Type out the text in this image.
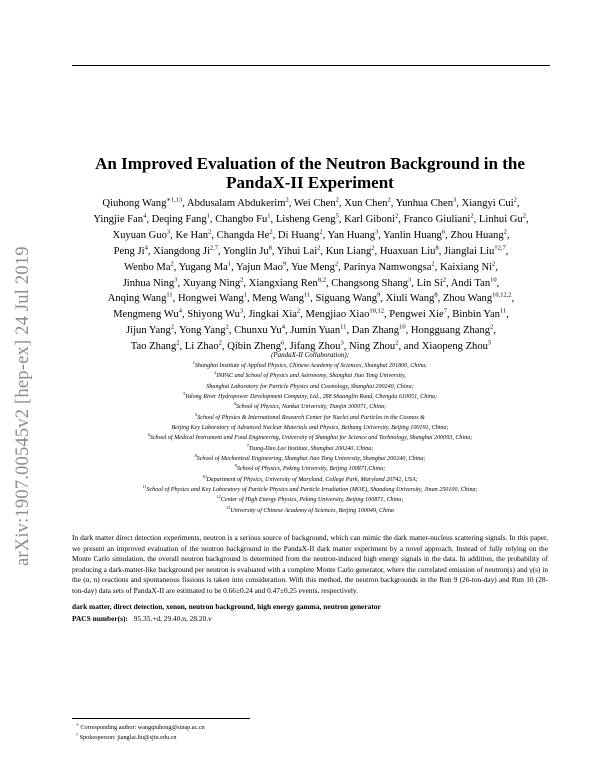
arXiv:1907.00545v2 [hep-ex] 24 Jul 2019
An Improved Evaluation of the Neutron Background in the
PandaX-II Experiment
Qiuhong Wang$^{∗1,13}$, Abdusalam Abdukerim$^2$, Wei Chen$^2$, Xun Chen$^2$, Yunhua Chen$^3$, Xiangyi Cui$^2$,
Yingjie Fan$^4$, Deqing Fang$^1$, Changbo Fu$^1$, Lisheng Geng$^5$, Karl Giboni$^2$, Franco Giuliani$^2$, Linhui Gu$^2$,
Xuyuan Guo$^3$, Ke Han$^2$, Changda He$^2$, Di Huang$^2$, Yan Huang$^3$, Yanlin Huang$^6$, Zhou Huang$^2$,
Peng Ji$^4$, Xiangdong Ji$^{2,7}$, Yonglin Ju$^8$, Yihui Lai$^2$, Kun Liang$^2$, Huaxuan Liu$^8$, Jianglai Liu$^{\dagger 2,7}$,
Wenbo Ma$^2$, Yugang Ma$^1$, Yajun Mao$^9$, Yue Meng$^2$, Parinya Namwongsa$^2$, Kaixiang Ni$^2$,
Jinhua Ning$^3$, Xuyang Ning$^2$, Xiangxiang Ren$^{8,2}$, Changsong Shang$^3$, Lin Si$^2$, Andi Tan$^{10}$,
Anqing Wang$^{11}$, Hongwei Wang$^1$, Meng Wang$^{11}$, Siguang Wang$^9$, Xiuli Wang$^8$, Zhou Wang$^{10,12,2}$,
Mengmeng Wu$^4$, Shiyong Wu$^3$, Jingkai Xia$^2$, Mengjiao Xiao$^{10,12}$, Pengwei Xie$^7$, Binbin Yan$^{11}$,
Jijun Yang$^2$, Yong Yang$^2$, Chunxu Yu$^4$, Jumin Yuan$^{11}$, Dan Zhang$^{10}$, Hongguang Zhang$^2$,
Tao Zhang$^2$, Li Zhao$^2$, Qibin Zheng$^6$, Jifang Zhou$^3$, Ning Zhou$^2$, and Xiaopeng Zhou$^5$
(PandaX-II Collaboration);
$^1$Shanghai Institute of Applied Physics, Chinese Academy of Sciences, Shanghai 201800, China;
$^2$INPAC and School of Physics and Astronomy, Shanghai Jiao Tong University,
Shanghai Laboratory for Particle Physics and Cosmology, Shanghai 200240, China;
$^3$Yalong River Hydropower Development Company, Ltd., 288 Shuanglin Road, Chengdu 610051, China;
$^4$School of Physics, Nankai University, Tianjin 300071, China;
$^5$School of Physics & International Research Center for Nuclei and Particles in the Cosmos &
Beijing Key Laboratory of Advanced Nuclear Materials and Physics, Beihang University, Beijing 100191, China;
$^6$School of Medical Instrument and Food Engineering, University of Shanghai for Science and Technology, Shanghai 200093, China;
$^7$Tsung-Dao Lee Institute, Shanghai 200240, China;
$^8$School of Mechanical Engineering, Shanghai Jiao Tong University, Shanghai 200240, China;
$^9$School of Physics, Peking University, Beijing 100871,China;
$^{10}$Department of Physics, University of Maryland, College Park, Maryland 20742, USA;
$^{11}$School of Physics and Key Laboratory of Particle Physics and Particle Irradiation (MOE), Shandong University, Jinan 250100, China;
$^{12}$Center of High Energy Physics, Peking University, Beijing 100871, China;
$^{13}$University of Chinese Academy of Sciences, Beijing 100049, China
In dark matter direct detection experiments, neutron is a serious source of background, which can mimic the dark matter-nucleus scattering signals. In this paper, we present an improved evaluation of the neutron background in the PandaX-II dark matter experiment by a novel approach. Instead of fully relying on the Monte Carlo simulation, the overall neutron background is determined from the neutron-induced high energy signals in the data. In addition, the probability of producing a dark-matter-like background per neutron is evaluated with a complete Monte Carlo generator, where the correlated emission of neutron(s) and γ(s) in the (α, n) reactions and spontaneous fissions is taken into consideration. With this method, the neutron backgrounds in the Run 9 (26-ton-day) and Run 10 (28-ton-day) data sets of PandaX-II are estimated to be 0.66±0.24 and 0.47±0.25 events, respectively.
dark matter, direct detection, xenon, neutron background, high energy gamma, neutron generator
PACS number(s): 95.35.+d, 29.40.n, 28.20.v
∗ Corresponding author: wangqiuhong@sinap.ac.cn
† Spokesperson: jianglai.liu@sjtu.edu.cn
